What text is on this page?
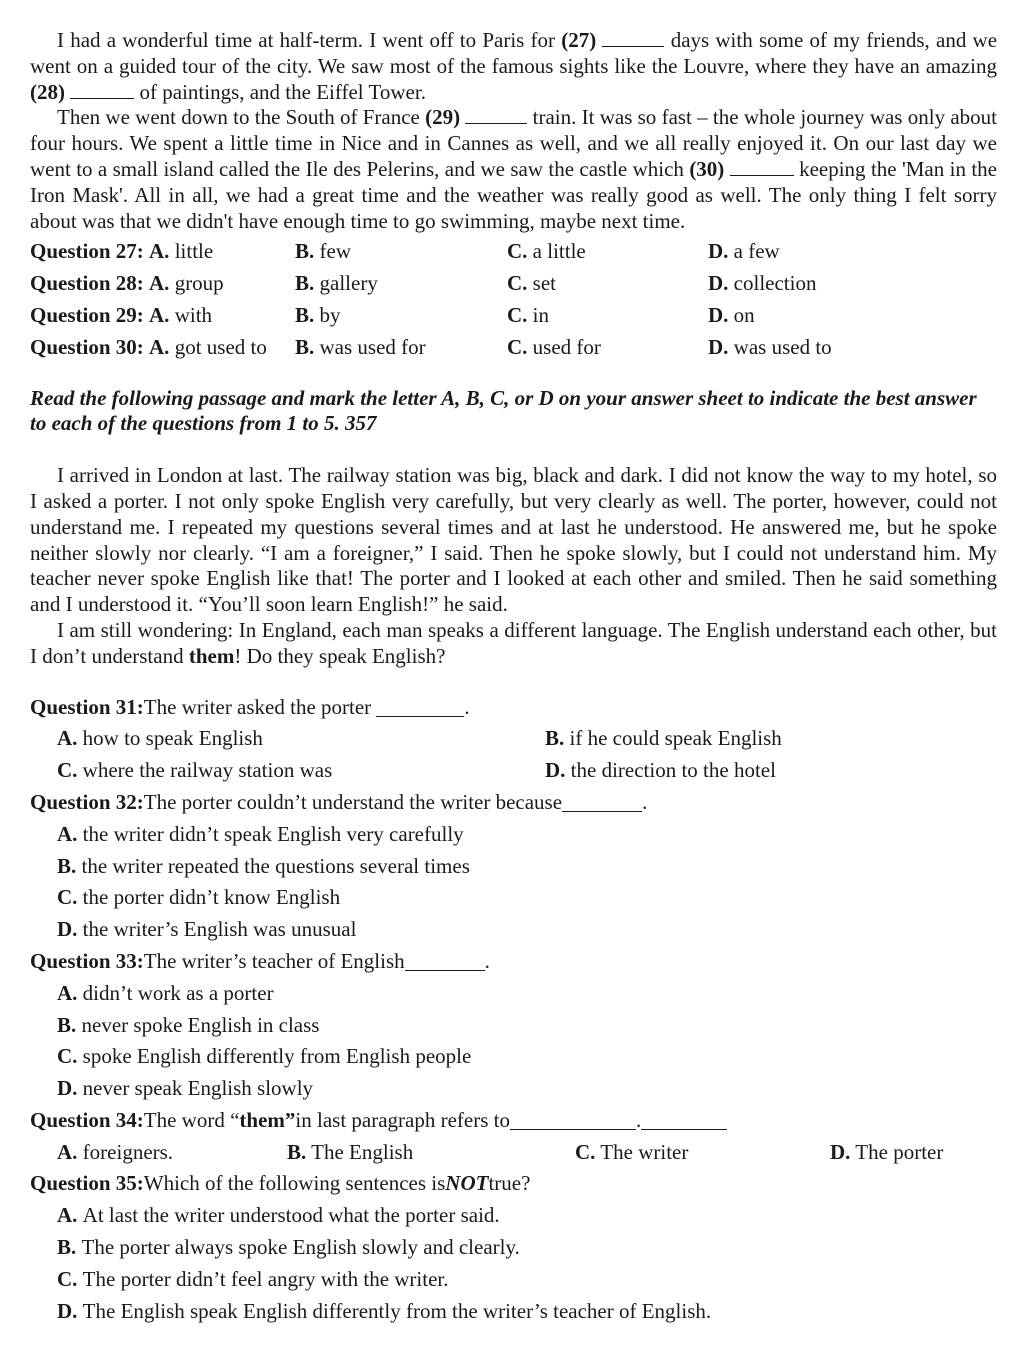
I had a wonderful time at half-term. I went off to Paris for (27)	days with some of my friends, and we went on a guided tour of the city. We saw most of the famous sights like the Louvre, where they have an amazing (28)	of paintings, and the Eiffel Tower.

Then we went down to the South of France (29)	train. It was so fast – the whole journey was only about four hours. We spent a little time in Nice and in Cannes as well, and we all really enjoyed it. On our last day we went to a small island called the Ile des Pelerins, and we saw the castle which (30)	keeping the 'Man in the Iron Mask'. All in all, we had a great time and the weather was really good as well. The only thing I felt sorry about was that we didn't have enough time to go swimming, maybe next time.

Question 27: A. little	B. few	C. a little	D. a few
Question 28: A. group	B. gallery	C. set	D. collection
Question 29: A. with	B. by	C. in	D. on
Question 30: A. got used to	B. was used for	C. used for	D. was used to

Read the following passage and mark the letter A, B, C, or D on your answer sheet to indicate the best answer to each of the questions from 1 to 5. 357

I arrived in London at last. The railway station was big, black and dark. I did not know the way to my hotel, so I asked a porter. I not only spoke English very carefully, but very clearly as well. The porter, however, could not understand me. I repeated my questions several times and at last he understood. He answered me, but he spoke neither slowly nor clearly. “I am a foreigner,” I said. Then he spoke slowly, but I could not understand him. My teacher never spoke English like that! The porter and I looked at each other and smiled. Then he said something and I understood it. “You’ll soon learn English!” he said.

I am still wondering: In England, each man speaks a different language. The English understand each other, but I don’t understand them! Do they speak English?

Question 31: The writer asked the porter
	.
A. how to speak English	B. if he could speak English
C. where the railway station was	D. the direction to the hotel
Question 32: The porter couldn’t understand the writer because	.
A.
the writer didn’t speak English very carefully
B.
the writer repeated the questions several times
C.
the porter didn’t know English
D.
the writer’s English was unusual
Question 33: The writer’s teacher of English	.
A.
didn’t work as a porter
B.
never spoke English in class
C.
spoke English differently from English people
D.
never speak English slowly
Question 34: The word “ them” in last paragraph refers to	.
A. foreigners.	B. The English	C. The writer	D. The porter
Question 35: Which of the following sentences is NOT true?
A.
At last the writer understood what the porter said.
B.
The porter always spoke English slowly and clearly.
C.
The porter didn’t feel angry with the writer.
D.
The English speak English differently from the writer’s teacher of English.
